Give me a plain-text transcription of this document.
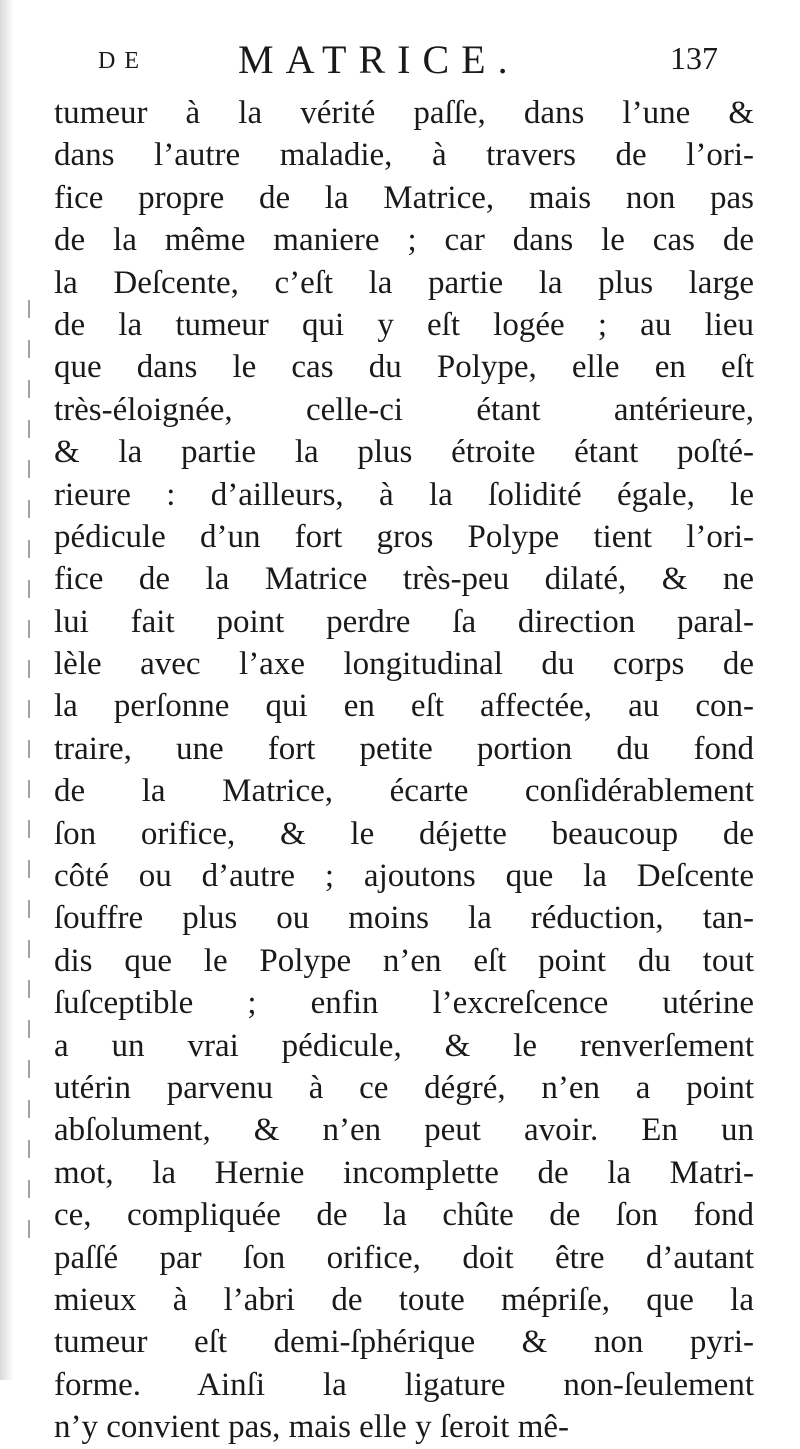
DE MATRICE.	137
tumeur à la vérité paſſe, dans l’une &
dans l’autre maladie, à travers de l’ori-
fice propre de la Matrice, mais non pas
de la même maniere ; car dans le cas de
la Deſcente, c’eſt la partie la plus large
de la tumeur qui y eſt logée ; au lieu
que dans le cas du Polype, elle en eſt
très-éloignée, celle-ci étant antérieure,
& la partie la plus étroite étant poſté-
rieure : d’ailleurs, à la ſolidité égale, le
pédicule d’un fort gros Polype tient l’ori-
fice de la Matrice très-peu dilaté, & ne
lui fait point perdre ſa direction paral-
lèle avec l’axe longitudinal du corps de
la perſonne qui en eſt affectée, au con-
traire, une fort petite portion du fond
de la Matrice, écarte conſidérablement
ſon orifice, & le déjette beaucoup de
côté ou d’autre ; ajoutons que la Deſcente
ſouffre plus ou moins la réduction, tan-
dis que le Polype n’en eſt point du tout
ſuſceptible ; enfin l’excreſcence utérine
a un vrai pédicule, & le renverſement
utérin parvenu à ce dégré, n’en a point
abſolument, & n’en peut avoir. En un
mot, la Hernie incomplette de la Matri-
ce, compliquée de la chûte de ſon fond
paſſé par ſon orifice, doit être d’autant
mieux à l’abri de toute mépriſe, que la
tumeur eſt demi-ſphérique & non pyri-
forme. Ainſi la ligature non-ſeulement
n’y convient pas, mais elle y ſeroit mê-
